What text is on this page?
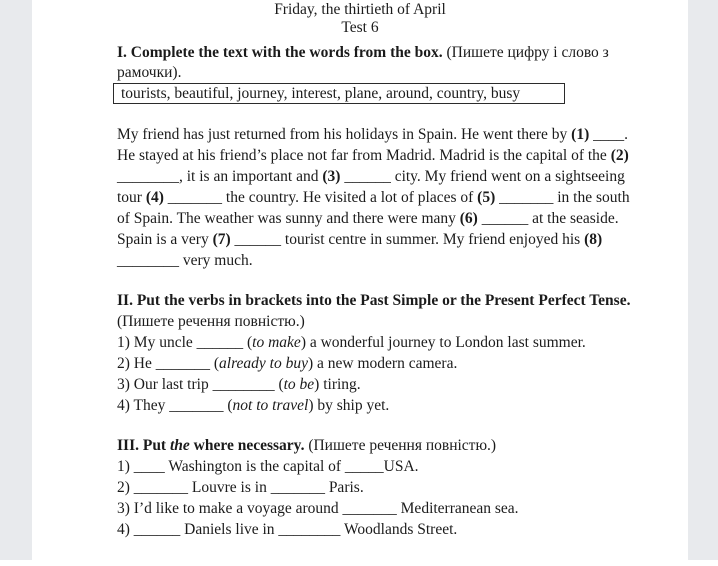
Friday, the thirtieth of April
Test 6
I. Complete the text with the words from the box. (Пишете цифру і слово з
рамочки).
tourists, beautiful, journey, interest, plane, around, country, busy
My friend has just returned from his holidays in Spain. He went there by (1) ____.
He stayed at his friend’s place not far from Madrid. Madrid is the capital of the (2)
________, it is an important and (3) ______ city. My friend went on a sightseeing
tour (4) _______ the country. He visited a lot of places of (5) _______ in the south
of Spain. The weather was sunny and there were many (6) ______ at the seaside.
Spain is a very (7) ______ tourist centre in summer. My friend enjoyed his (8)
________ very much.
II. Put the verbs in brackets into the Past Simple or the Present Perfect Tense.
(Пишете речення повністю.)
1) My uncle ______ (to make) a wonderful journey to London last summer.
2) He _______ (already to buy) a new modern camera.
3) Our last trip ________ (to be) tiring.
4) They _______ (not to travel) by ship yet.
III. Put the where necessary. (Пишете речення повністю.)
1) ____ Washington is the capital of _____USA.
2) _______ Louvre is in _______ Paris.
3) I’d like to make a voyage around _______ Mediterranean sea.
4) ______ Daniels live in ________ Woodlands Street.
